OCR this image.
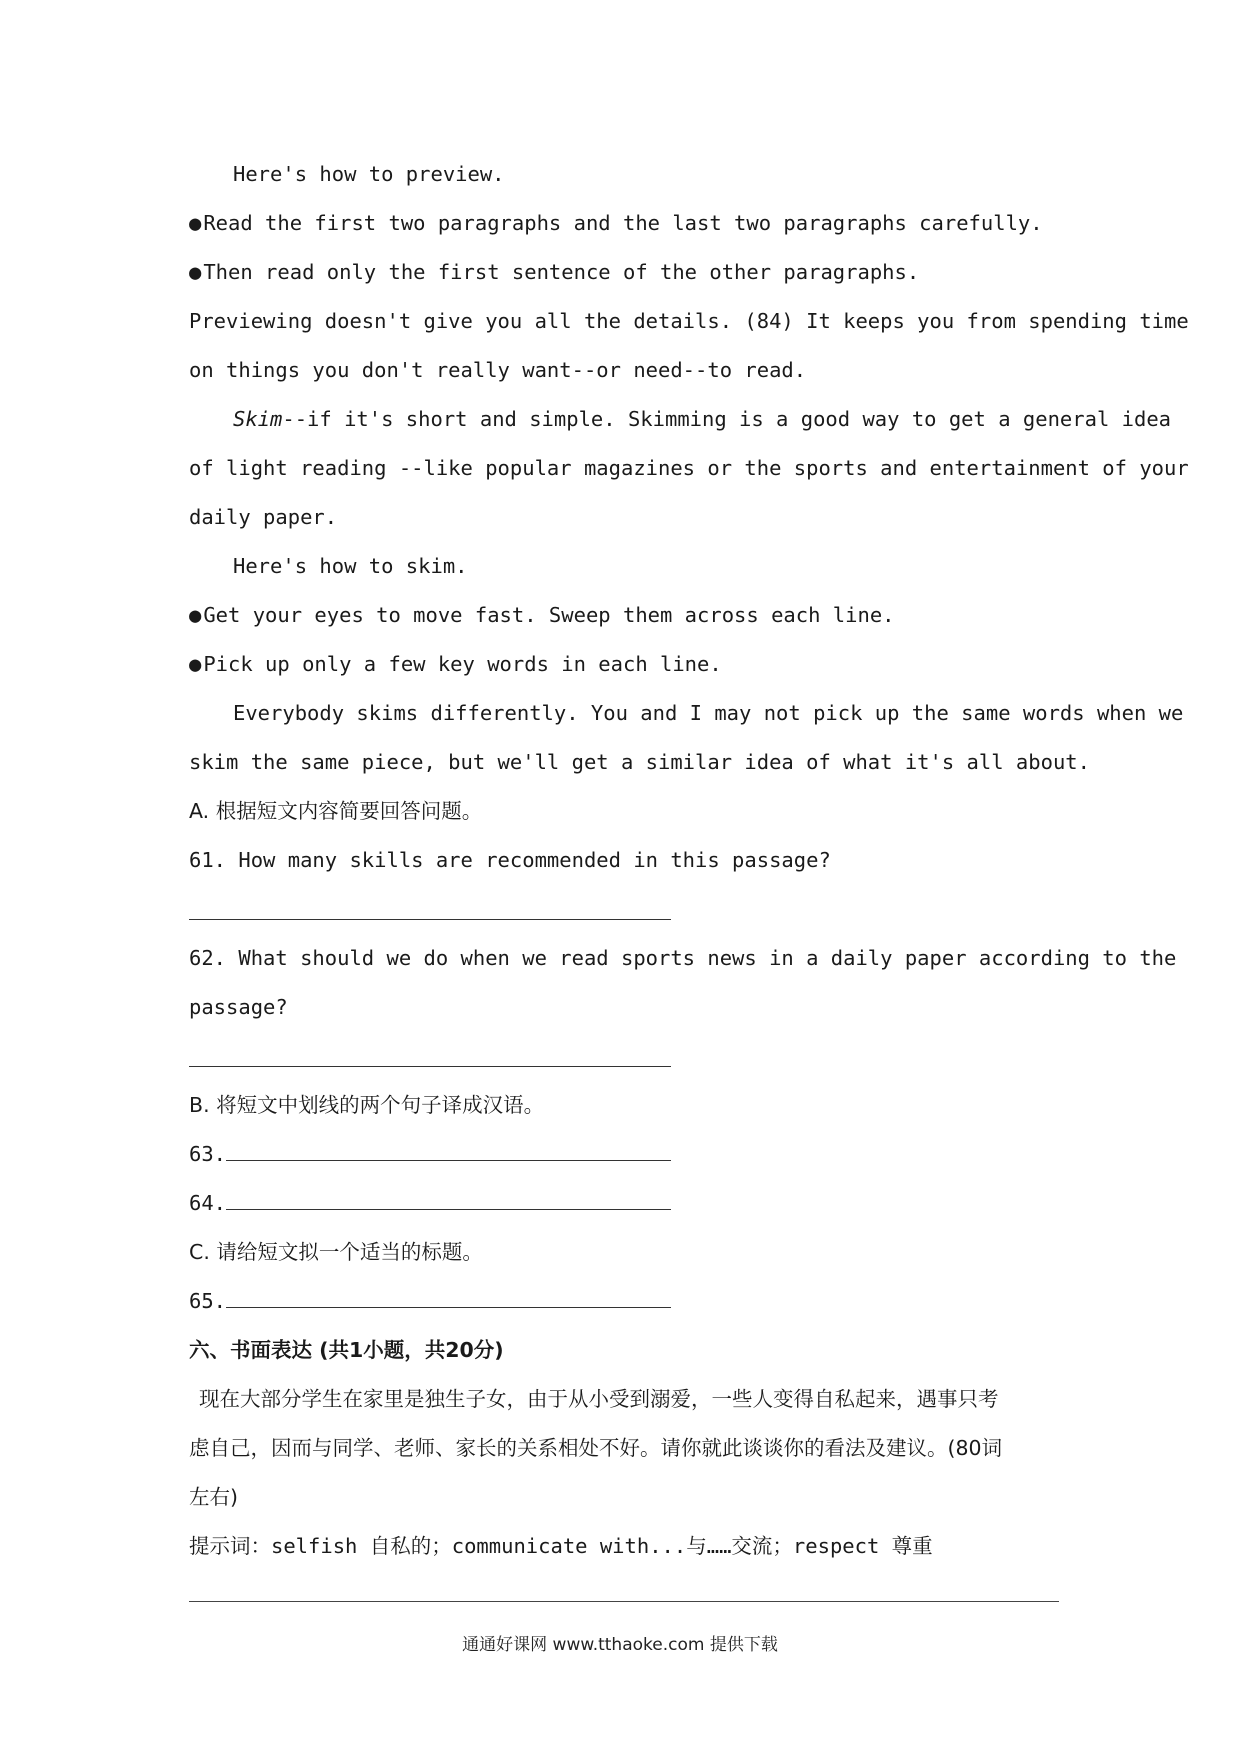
Here's how to preview.
●Read the first two paragraphs and the last two paragraphs carefully.
●Then read only the first sentence of the other paragraphs.
Previewing doesn't give you all the details. (84) It keeps you from spending time
on things you don't really want--or need--to read.
Skim--if it's short and simple. Skimming is a good way to get a general idea
of light reading --like popular magazines or the sports and entertainment of your
daily paper.
Here's how to skim.
●Get your eyes to move fast. Sweep them across each line.
●Pick up only a few key words in each line.
Everybody skims differently. You and I may not pick up the same words when we
skim the same piece, but we'll get a similar idea of what it's all about.
A. 根据短文内容简要回答问题。
61. How many skills are recommended in this passage?
62. What should we do when we read sports news in a daily paper according to the
passage?
B. 将短文中划线的两个句子译成汉语。
63.
64.
C. 请给短文拟一个适当的标题。
65.
六、书面表达 (共1小题，共20分)
现在大部分学生在家里是独生子女，由于从小受到溺爱，一些人变得自私起来，遇事只考
虑自己，因而与同学、老师、家长的关系相处不好。请你就此谈谈你的看法及建议。(80词
左右)
提示词：selfish 自私的；communicate with...与……交流；respect 尊重
通通好课网 www.tthaoke.com 提供下载
